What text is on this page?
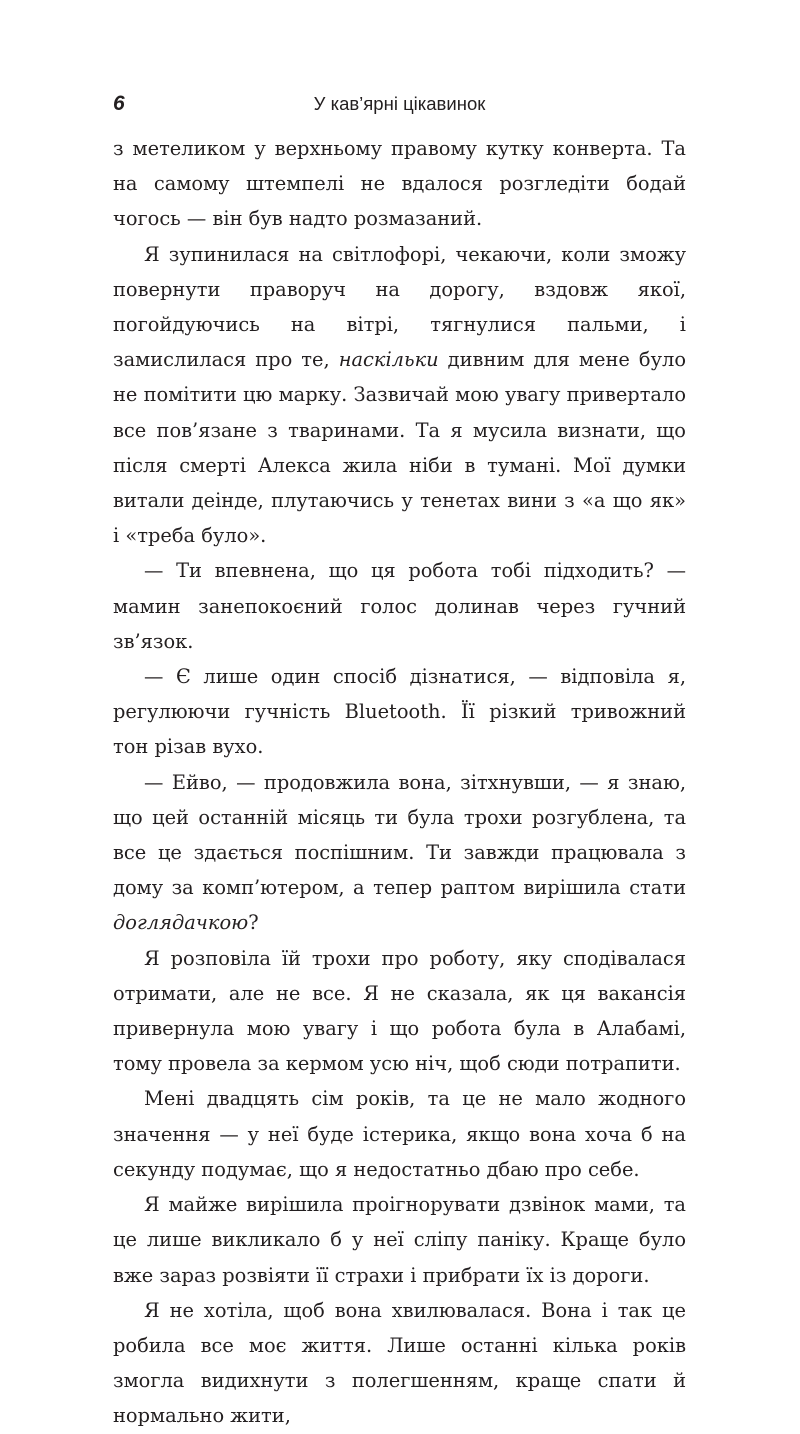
6	У кав’ярні цікавинок

з метеликом у верхньому правому кутку конверта. Та на самому штемпелі не вдалося розгледіти бодай чогось — він був надто розмазаний.

Я зупинилася на світлофорі, чекаючи, коли зможу повернути праворуч на дорогу, вздовж якої, погойдуючись на вітрі, тягнулися пальми, і замислилася про те, наскільки дивним для мене було не помітити цю марку. Зазвичай мою увагу привертало все пов’язане з тваринами. Та я мусила визнати, що після смерті Алекса жила ніби в тумані. Мої думки витали деінде, плутаючись у тенетах вини з «а що як» і «треба було».

— Ти впевнена, що ця робота тобі підходить? — мамин занепокоєний голос долинав через гучний зв’язок.

— Є лише один спосіб дізнатися, — відповіла я, регулюючи гучність Bluetooth. Її різкий тривожний тон різав вухо.

— Ейво, — продовжила вона, зітхнувши, — я знаю, що цей останній місяць ти була трохи розгублена, та все це здається поспішним. Ти завжди працювала з дому за комп’ютером, а тепер раптом вирішила стати доглядачкою?

Я розповіла їй трохи про роботу, яку сподівалася отримати, але не все. Я не сказала, як ця вакансія привернула мою увагу і що робота була в Алабамі, тому провела за кермом усю ніч, щоб сюди потрапити.

Мені двадцять сім років, та це не мало жодного значення — у неї буде істерика, якщо вона хоча б на секунду подумає, що я недостатньо дбаю про себе.

Я майже вирішила проігнорувати дзвінок мами, та це лише викликало б у неї сліпу паніку. Краще було вже зараз розвіяти її страхи і прибрати їх із дороги.

Я не хотіла, щоб вона хвилювалася. Вона і так це робила все моє життя. Лише останні кілька років змогла видихнути з полегшенням, краще спати й нормально жити,
